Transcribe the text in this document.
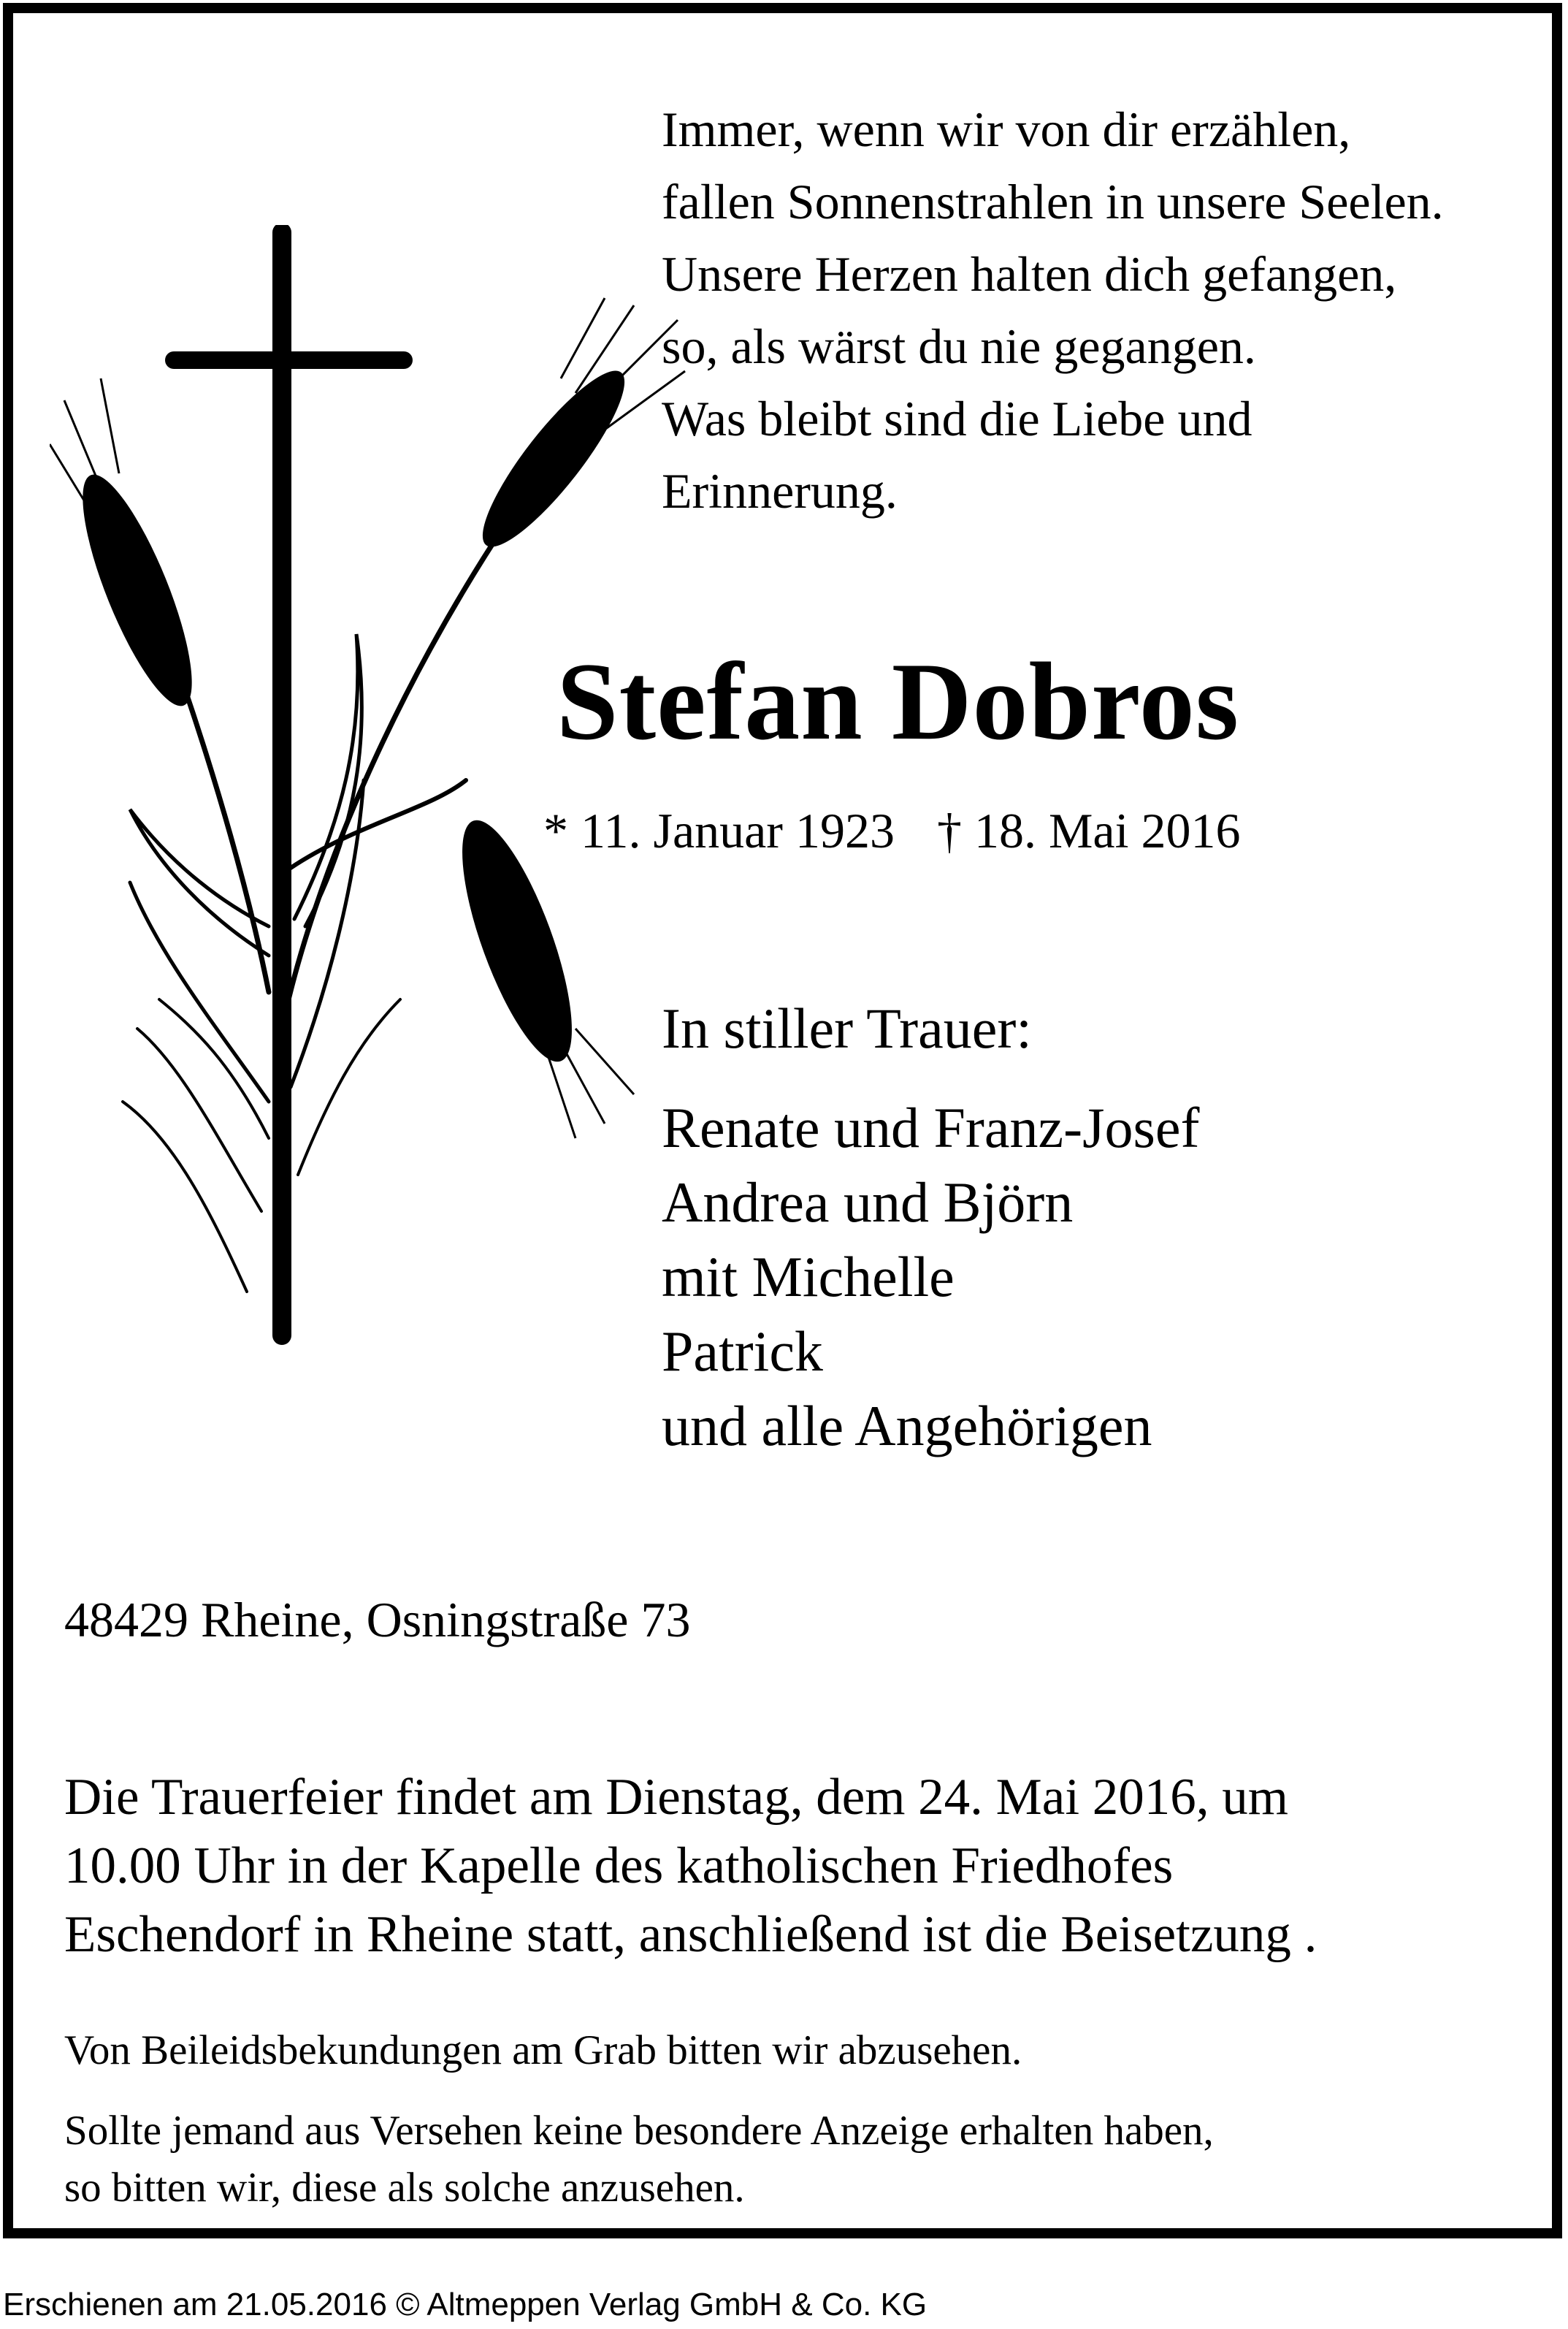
Immer, wenn wir von dir erzählen,
fallen Sonnenstrahlen in unsere Seelen.
Unsere Herzen halten dich gefangen,
so, als wärst du nie gegangen.
Was bleibt sind die Liebe und
Erinnerung.
Stefan Dobros
* 11. Januar 1923 † 18. Mai 2016
In stiller Trauer:
Renate und Franz-Josef
Andrea und Björn
mit Michelle
Patrick
und alle Angehörigen
48429 Rheine, Osningstraße 73
Die Trauerfeier findet am Dienstag, dem 24. Mai 2016, um
10.00 Uhr in der Kapelle des katholischen Friedhofes
Eschendorf in Rheine statt, anschließend ist die Beisetzung .
Von Beileidsbekundungen am Grab bitten wir abzusehen.
Sollte jemand aus Versehen keine besondere Anzeige erhalten haben,
so bitten wir, diese als solche anzusehen.
Erschienen am 21.05.2016 © Altmeppen Verlag GmbH & Co. KG
